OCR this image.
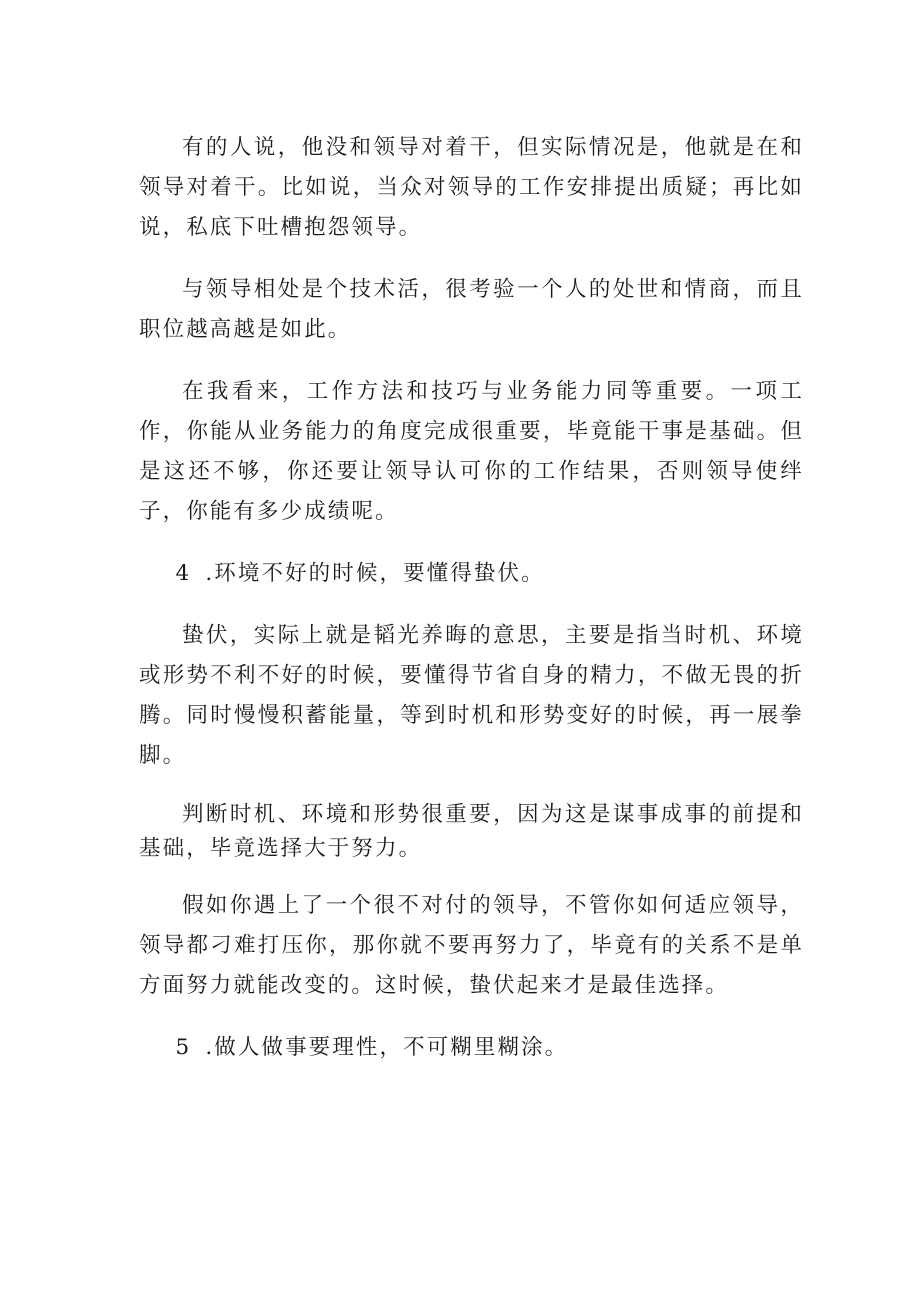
有的人说，他没和领导对着干，但实际情况是，他就是在和领导对着干。比如说，当众对领导的工作安排提出质疑；再比如说，私底下吐槽抱怨领导。

与领导相处是个技术活，很考验一个人的处世和情商，而且职位越高越是如此。

在我看来，工作方法和技巧与业务能力同等重要。一项工作，你能从业务能力的角度完成很重要，毕竟能干事是基础。但是这还不够，你还要让领导认可你的工作结果，否则领导使绊子，你能有多少成绩呢。

4 .环境不好的时候，要懂得蛰伏。

蛰伏，实际上就是韬光养晦的意思，主要是指当时机、环境或形势不利不好的时候，要懂得节省自身的精力，不做无畏的折腾。同时慢慢积蓄能量，等到时机和形势变好的时候，再一展拳脚。

判断时机、环境和形势很重要，因为这是谋事成事的前提和基础，毕竟选择大于努力。

假如你遇上了一个很不对付的领导，不管你如何适应领导，领导都刁难打压你，那你就不要再努力了，毕竟有的关系不是单方面努力就能改变的。这时候，蛰伏起来才是最佳选择。

5 .做人做事要理性，不可糊里糊涂。
